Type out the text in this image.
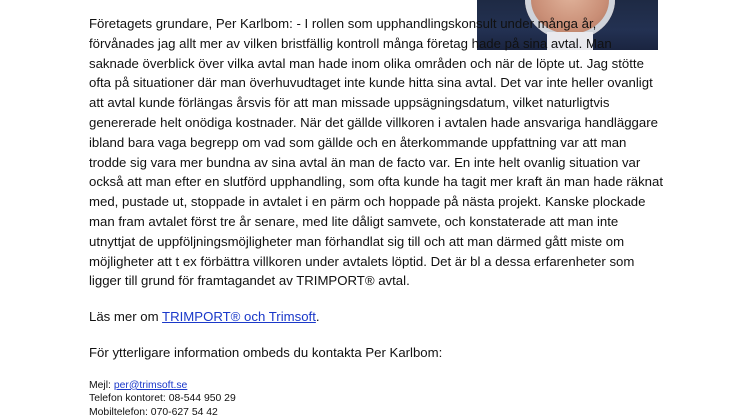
Företagets grundare, Per Karlbom: - I rollen som upphandlingskonsult under många år, förvånades jag allt mer av vilken bristfällig kontroll många företag hade på sina avtal. Man saknade överblick över vilka avtal man hade inom olika områden och när de löpte ut. Jag stötte ofta på situationer där man överhuvudtaget inte kunde hitta sina avtal. Det var inte heller ovanligt att avtal kunde förlängas årsvis för att man missade uppsägningsdatum, vilket naturligtvis genererade helt onödiga kostnader. När det gällde villkoren i avtalen hade ansvariga handläggare ibland bara vaga begrepp om vad som gällde och en återkommande uppfattning var att man trodde sig vara mer bundna av sina avtal än man de facto var. En inte helt ovanlig situation var också att man efter en slutförd upphandling, som ofta kunde ha tagit mer kraft än man hade räknat med, pustade ut, stoppade in avtalet i en pärm och hoppade på nästa projekt. Kanske plockade man fram avtalet först tre år senare, med lite dåligt samvete, och konstaterade att man inte utnyttjat de uppföljningsmöjligheter man förhandlat sig till och att man därmed gått miste om möjligheter att t ex förbättra villkoren under avtalets löptid. Det är bl a dessa erfarenheter som ligger till grund för framtagandet av TRIMPORT® avtal.

Läs mer om TRIMPORT® och Trimsoft.

För ytterligare information ombeds du kontakta Per Karlbom:

Mejl: per@trimsoft.se
Telefon kontoret: 08-544 950 29
Mobiltelefon: 070-627 54 42
